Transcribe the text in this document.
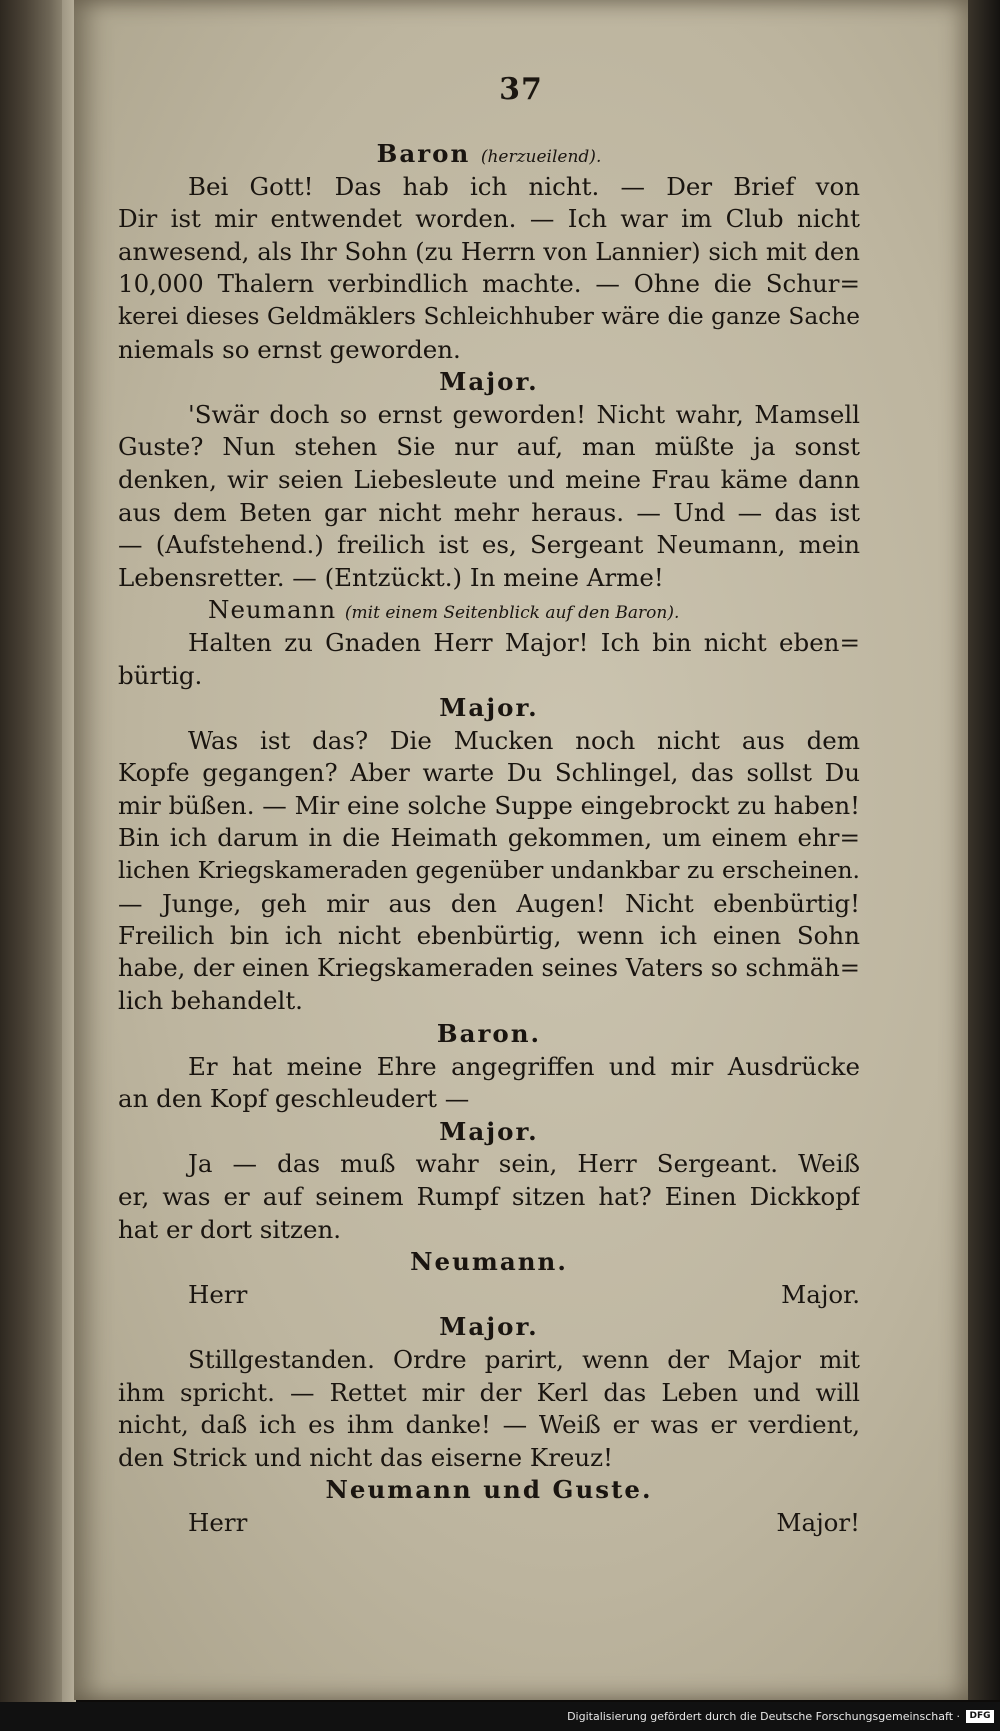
37
Baron (herzueilend).
Bei Gott! Das hab ich nicht. — Der Brief von
Dir ist mir entwendet worden. — Ich war im Club nicht
anwesend, als Ihr Sohn (zu Herrn von Lannier) sich mit den
10,000 Thalern verbindlich machte. — Ohne die Schur=
kerei dieses Geldmäklers Schleichhuber wäre die ganze Sache
niemals so ernst geworden.
Major.
'Swär doch so ernst geworden! Nicht wahr, Mamsell
Guste? Nun stehen Sie nur auf, man müßte ja sonst
denken, wir seien Liebesleute und meine Frau käme dann
aus dem Beten gar nicht mehr heraus. — Und — das ist
— (Aufstehend.) freilich ist es, Sergeant Neumann, mein
Lebensretter. — (Entzückt.) In meine Arme!
Neumann (mit einem Seitenblick auf den Baron).
Halten zu Gnaden Herr Major! Ich bin nicht eben=
bürtig.
Major.
Was ist das? Die Mucken noch nicht aus dem
Kopfe gegangen? Aber warte Du Schlingel, das sollst Du
mir büßen. — Mir eine solche Suppe eingebrockt zu haben!
Bin ich darum in die Heimath gekommen, um einem ehr=
lichen Kriegskameraden gegenüber undankbar zu erscheinen.
— Junge, geh mir aus den Augen! Nicht ebenbürtig!
Freilich bin ich nicht ebenbürtig, wenn ich einen Sohn
habe, der einen Kriegskameraden seines Vaters so schmäh=
lich behandelt.
Baron.
Er hat meine Ehre angegriffen und mir Ausdrücke
an den Kopf geschleudert —
Major.
Ja — das muß wahr sein, Herr Sergeant. Weiß
er, was er auf seinem Rumpf sitzen hat? Einen Dickkopf
hat er dort sitzen.
Neumann.
Herr Major.
Major.
Stillgestanden. Ordre parirt, wenn der Major mit
ihm spricht. — Rettet mir der Kerl das Leben und will
nicht, daß ich es ihm danke! — Weiß er was er verdient,
den Strick und nicht das eiserne Kreuz!
Neumann und Guste.
Herr Major!
Digitalisierung gefördert durch die Deutsche Forschungsgemeinschaft ·	DFG
